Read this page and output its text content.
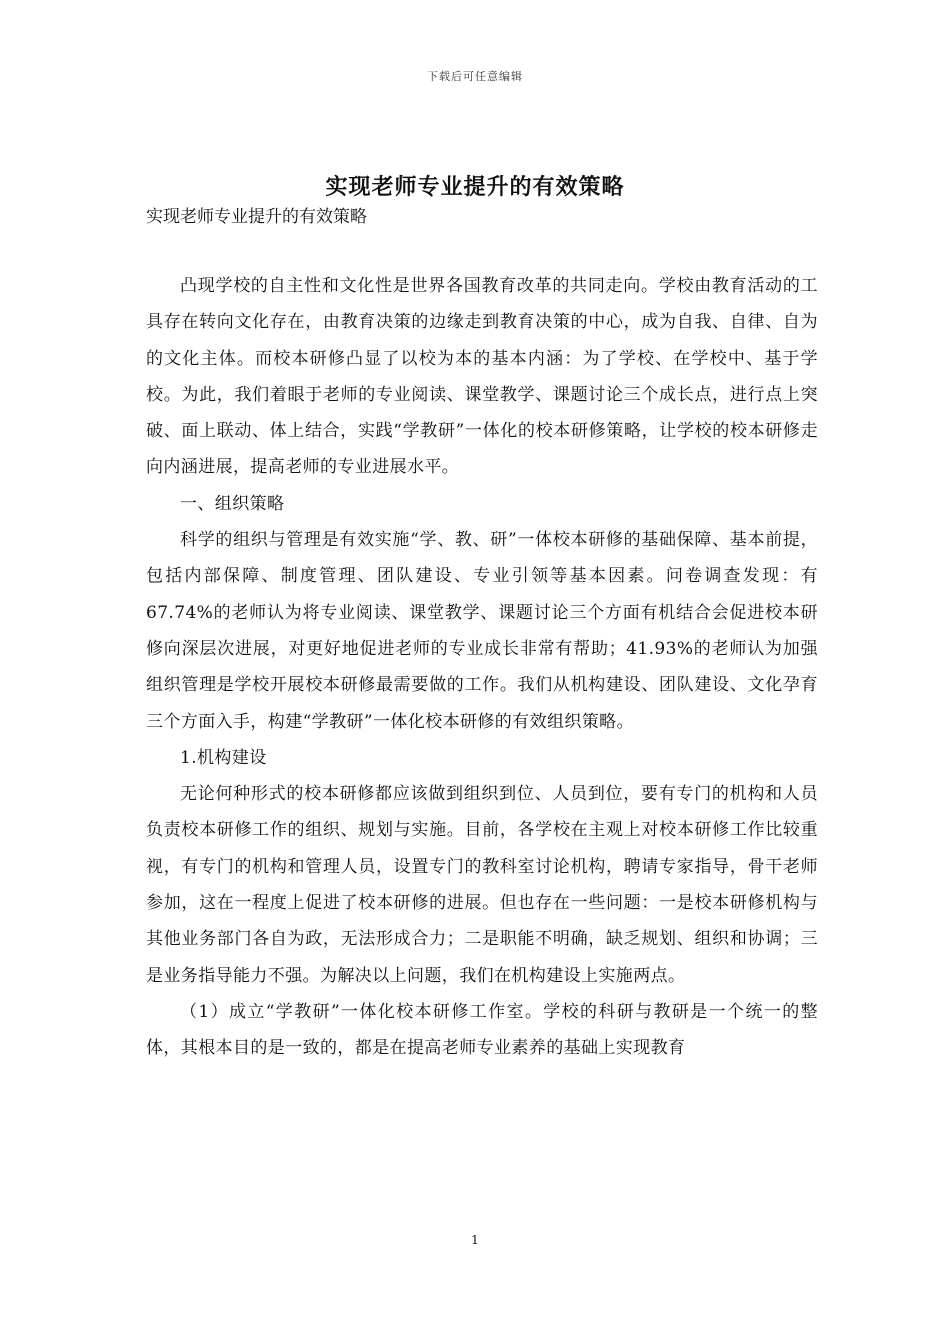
下载后可任意编辑
实现老师专业提升的有效策略
实现老师专业提升的有效策略

凸现学校的自主性和文化性是世界各国教育改革的共同走向。学校由教育活动的工具存在转向文化存在，由教育决策的边缘走到教育决策的中心，成为自我、自律、自为的文化主体。而校本研修凸显了以校为本的基本内涵：为了学校、在学校中、基于学校。为此，我们着眼于老师的专业阅读、课堂教学、课题讨论三个成长点，进行点上突破、面上联动、体上结合，实践“学教研”一体化的校本研修策略，让学校的校本研修走向内涵进展，提高老师的专业进展水平。

一、组织策略

科学的组织与管理是有效实施“学、教、研”一体校本研修的基础保障、基本前提，包括内部保障、制度管理、团队建设、专业引领等基本因素。问卷调查发现：有67.74%的老师认为将专业阅读、课堂教学、课题讨论三个方面有机结合会促进校本研修向深层次进展，对更好地促进老师的专业成长非常有帮助；41.93%的老师认为加强组织管理是学校开展校本研修最需要做的工作。我们从机构建设、团队建设、文化孕育三个方面入手，构建“学教研”一体化校本研修的有效组织策略。

1.机构建设

无论何种形式的校本研修都应该做到组织到位、人员到位，要有专门的机构和人员负责校本研修工作的组织、规划与实施。目前，各学校在主观上对校本研修工作比较重视，有专门的机构和管理人员，设置专门的教科室讨论机构，聘请专家指导，骨干老师参加，这在一程度上促进了校本研修的进展。但也存在一些问题：一是校本研修机构与其他业务部门各自为政，无法形成合力；二是职能不明确，缺乏规划、组织和协调；三是业务指导能力不强。为解决以上问题，我们在机构建设上实施两点。

（1）成立“学教研”一体化校本研修工作室。学校的科研与教研是一个统一的整体，其根本目的是一致的，都是在提高老师专业素养的基础上实现教育

1
